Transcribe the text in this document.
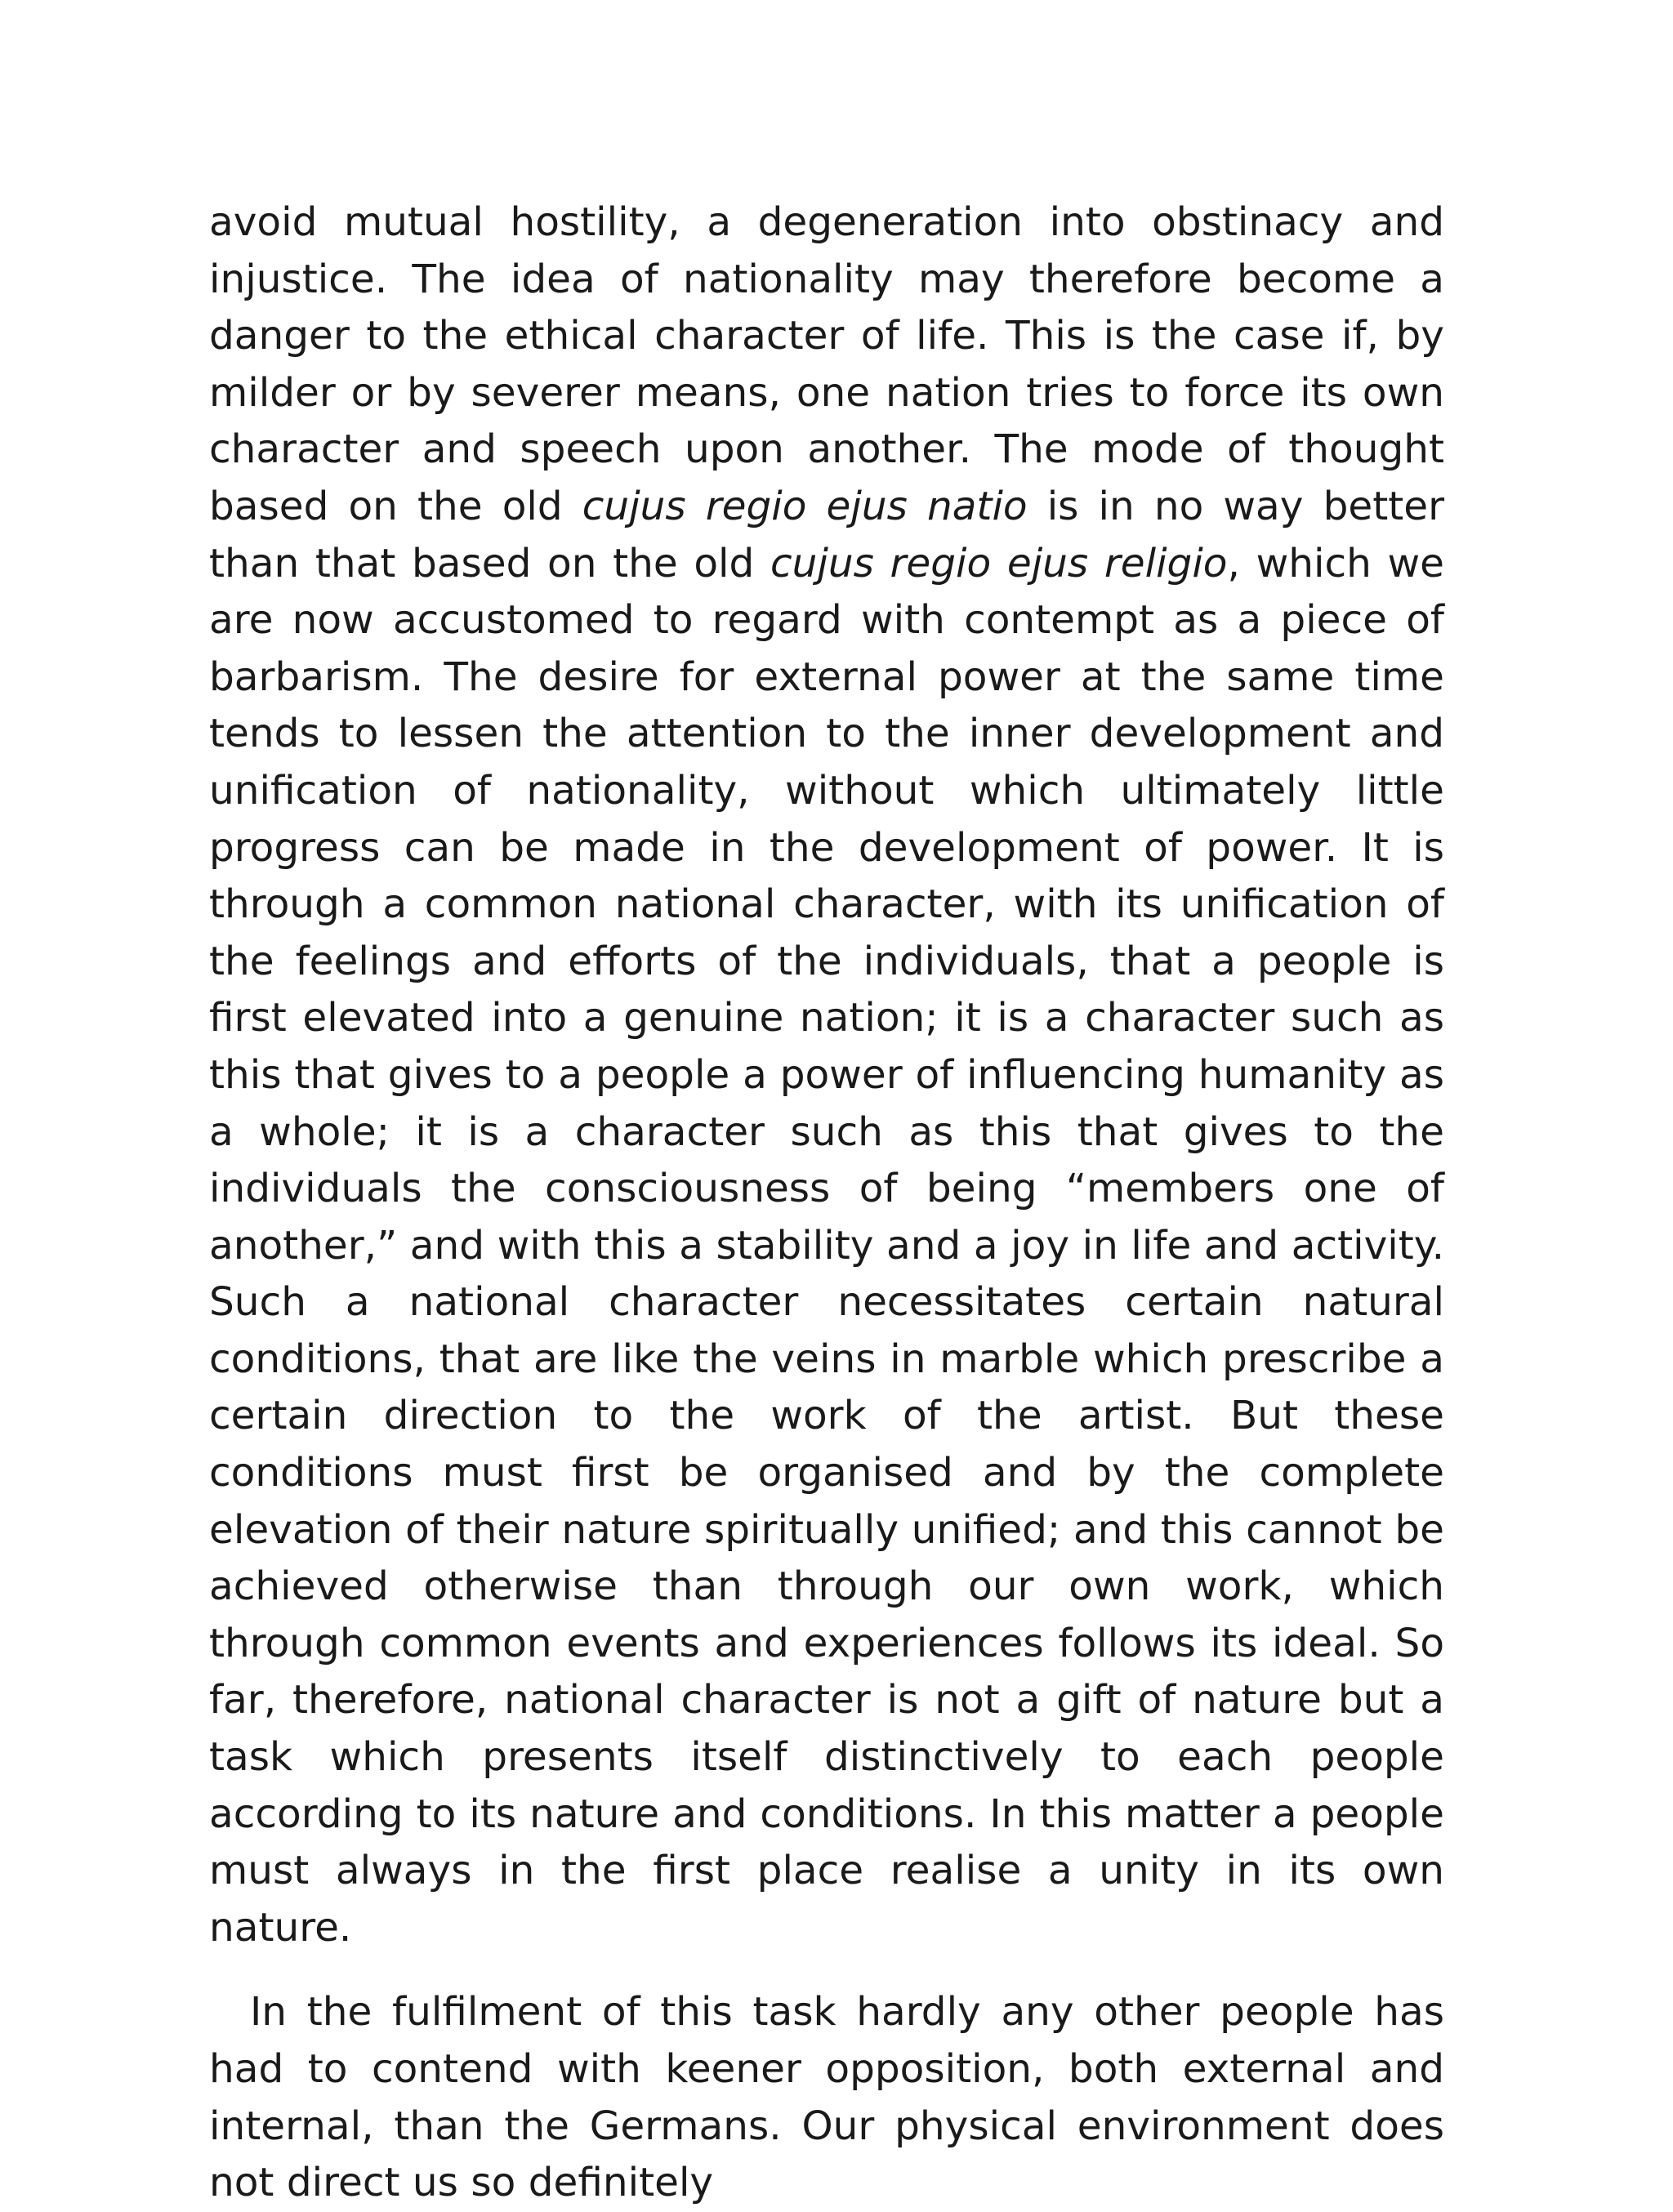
avoid mutual hostility, a degeneration into obstinacy and injustice. The idea of nationality may therefore become a danger to the ethical character of life. This is the case if, by milder or by severer means, one nation tries to force its own character and speech upon another. The mode of thought based on the old cujus regio ejus natio is in no way better than that based on the old cujus regio ejus religio, which we are now accustomed to regard with contempt as a piece of barbarism. The desire for external power at the same time tends to lessen the attention to the inner development and unification of nationality, without which ultimately little progress can be made in the development of power. It is through a common national character, with its unification of the feelings and efforts of the individuals, that a people is first elevated into a genuine nation; it is a character such as this that gives to a people a power of influencing humanity as a whole; it is a character such as this that gives to the individuals the consciousness of being “members one of another,” and with this a stability and a joy in life and activity. Such a national character necessitates certain natural conditions, that are like the veins in marble which prescribe a certain direction to the work of the artist. But these conditions must first be organised and by the complete elevation of their nature spiritually unified; and this cannot be achieved otherwise than through our own work, which through common events and experiences follows its ideal. So far, therefore, national character is not a gift of nature but a task which presents itself distinctively to each people according to its nature and conditions. In this matter a people must always in the first place realise a unity in its own nature.

In the fulfilment of this task hardly any other people has had to contend with keener opposition, both external and internal, than the Germans. Our physical environment does not direct us so definitely
